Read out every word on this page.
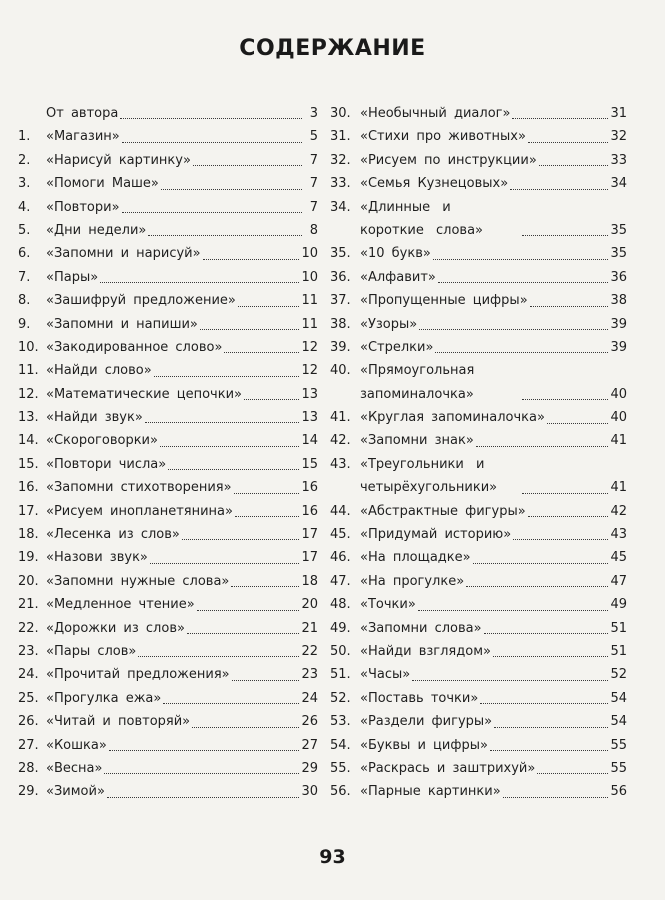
СОДЕРЖАНИЕ
От автора	3
1.	«Магазин»	5
2.	«Нарисуй картинку»	7
3.	«Помоги Маше»	7
4.	«Повтори»	7
5.	«Дни недели»	8
6.	«Запомни и нарисуй»	10
7.	«Пары»	10
8.	«Зашифруй предложение»	11
9.	«Запомни и напиши»	11
10. «Закодированное слово»	12
11. «Найди слово»	12
12. «Математические цепочки»	13
13. «Найди звук»	13
14. «Скороговорки»	14
15. «Повтори числа»	15
16. «Запомни стихотворения»	16
17. «Рисуем инопланетянина»	16
18. «Лесенка из слов»	17
19. «Назови звук»	17
20. «Запомни нужные слова»	18
21. «Медленное чтение»	20
22. «Дорожки из слов»	21
23. «Пары слов»	22
24. «Прочитай предложения»	23
25. «Прогулка ежа»	24
26. «Читай и повторяй»	26
27. «Кошка»	27
28. «Весна»	29
29. «Зимой»	30
30. «Необычный диалог»	31
31. «Стихи про животных»	32
32. «Рисуем по инструкции»	33
33. «Семья Кузнецовых»	34
34. «Длинные и короткие слова»	35
35. «10 букв»	35
36. «Алфавит»	36
37. «Пропущенные цифры»	38
38. «Узоры»	39
39. «Стрелки»	39
40. «Прямоугольная запоминалочка»	40
41. «Круглая запоминалочка»	40
42. «Запомни знак»	41
43. «Треугольники и четырёхугольники»	41
44. «Абстрактные фигуры»	42
45. «Придумай историю»	43
46. «На площадке»	45
47. «На прогулке»	47
48. «Точки»	49
49. «Запомни слова»	51
50. «Найди взглядом»	51
51. «Часы»	52
52. «Поставь точки»	54
53. «Раздели фигуры»	54
54. «Буквы и цифры»	55
55. «Раскрась и заштрихуй»	55
56. «Парные картинки»	56
93
